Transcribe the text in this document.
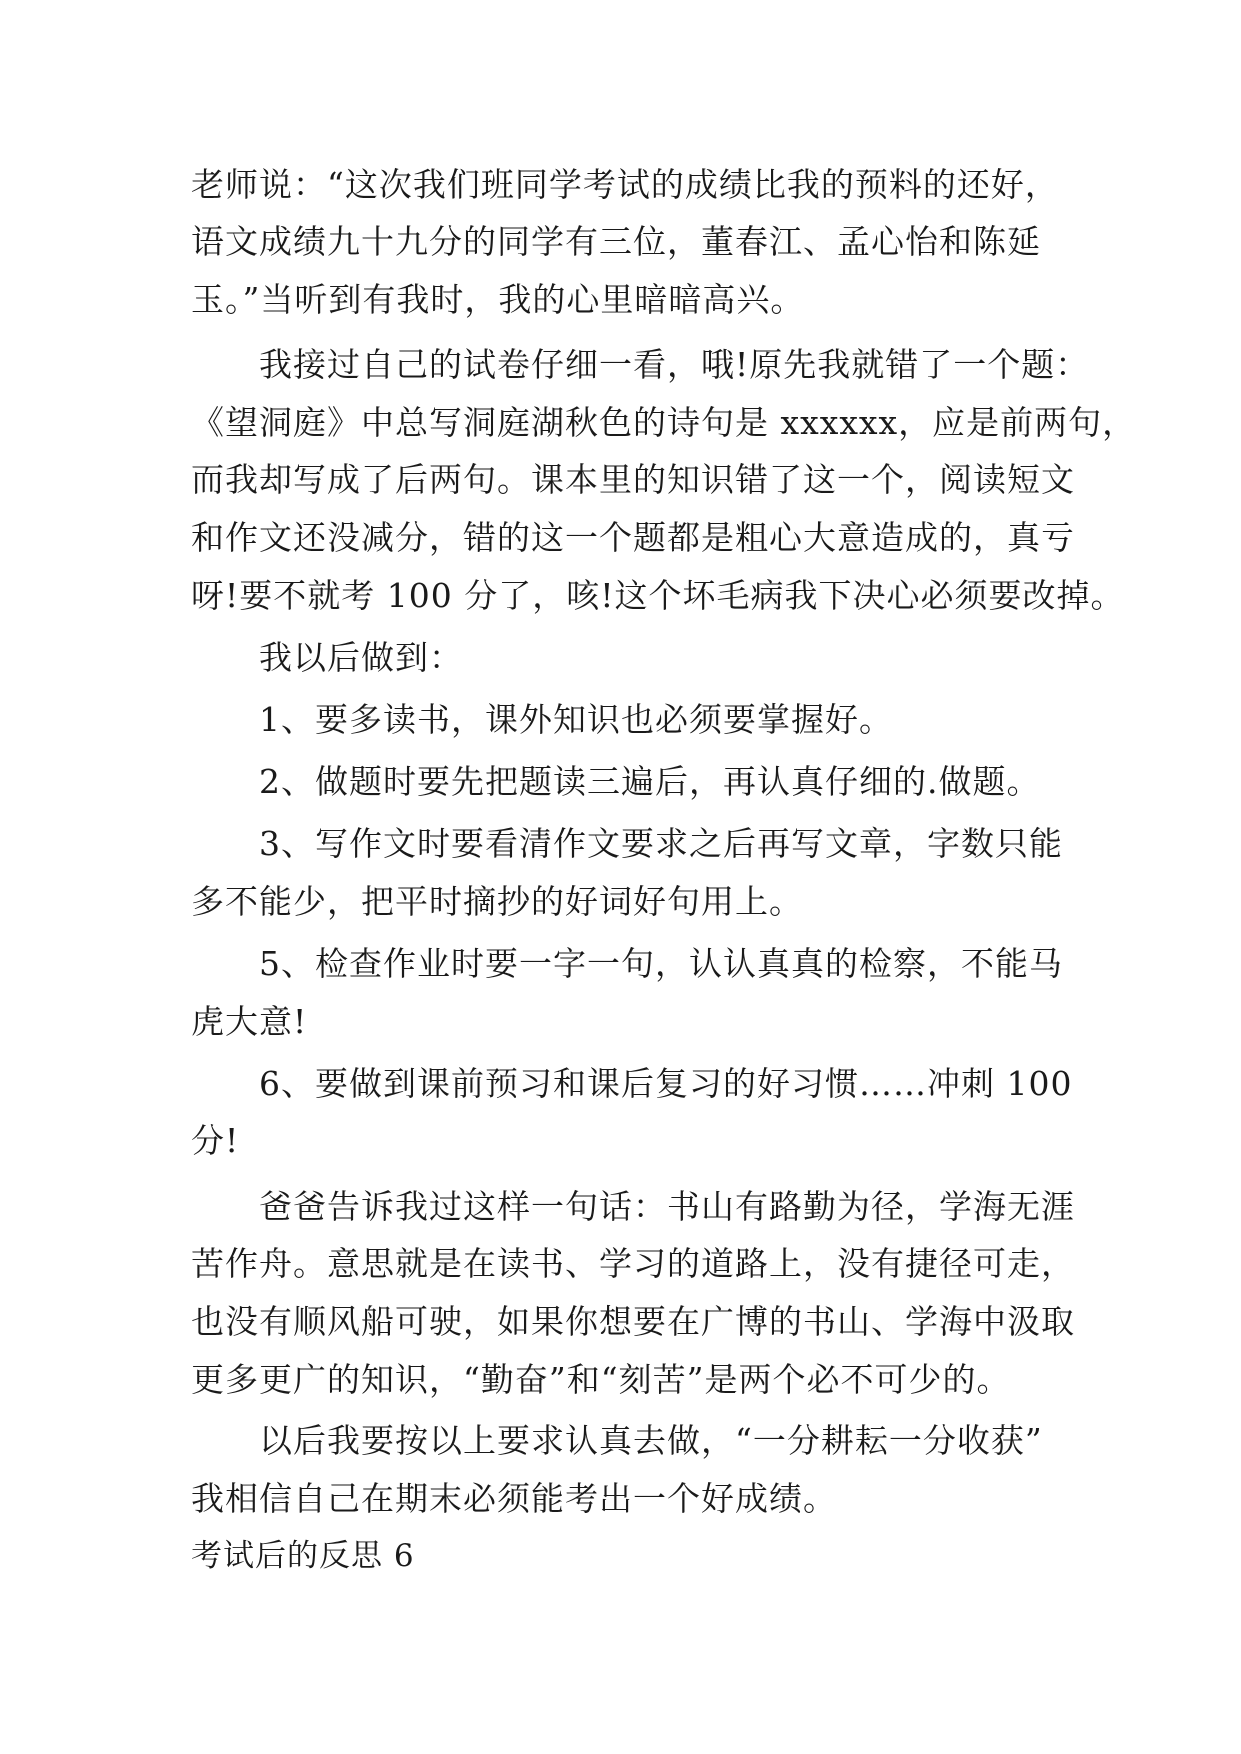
老师说：“这次我们班同学考试的成绩比我的预料的还好，
语文成绩九十九分的同学有三位，董春江、孟心怡和陈延
玉。”当听到有我时，我的心里暗暗高兴。
　　我接过自己的试卷仔细一看，哦!原先我就错了一个题：
《望洞庭》中总写洞庭湖秋色的诗句是 xxxxxx，应是前两句，
而我却写成了后两句。课本里的知识错了这一个，阅读短文
和作文还没减分，错的这一个题都是粗心大意造成的，真亏
呀!要不就考 100 分了，咳!这个坏毛病我下决心必须要改掉。
　　我以后做到：
　　1、要多读书，课外知识也必须要掌握好。
　　2、做题时要先把题读三遍后，再认真仔细的.做题。
　　3、写作文时要看清作文要求之后再写文章，字数只能
多不能少，把平时摘抄的好词好句用上。
　　5、检查作业时要一字一句，认认真真的检察，不能马
虎大意!
　　6、要做到课前预习和课后复习的好习惯……冲刺 100
分!
　　爸爸告诉我过这样一句话：书山有路勤为径，学海无涯
苦作舟。意思就是在读书、学习的道路上，没有捷径可走，
也没有顺风船可驶，如果你想要在广博的书山、学海中汲取
更多更广的知识，“勤奋”和“刻苦”是两个必不可少的。
　　以后我要按以上要求认真去做，“一分耕耘一分收获”
我相信自己在期末必须能考出一个好成绩。
考试后的反思 6
